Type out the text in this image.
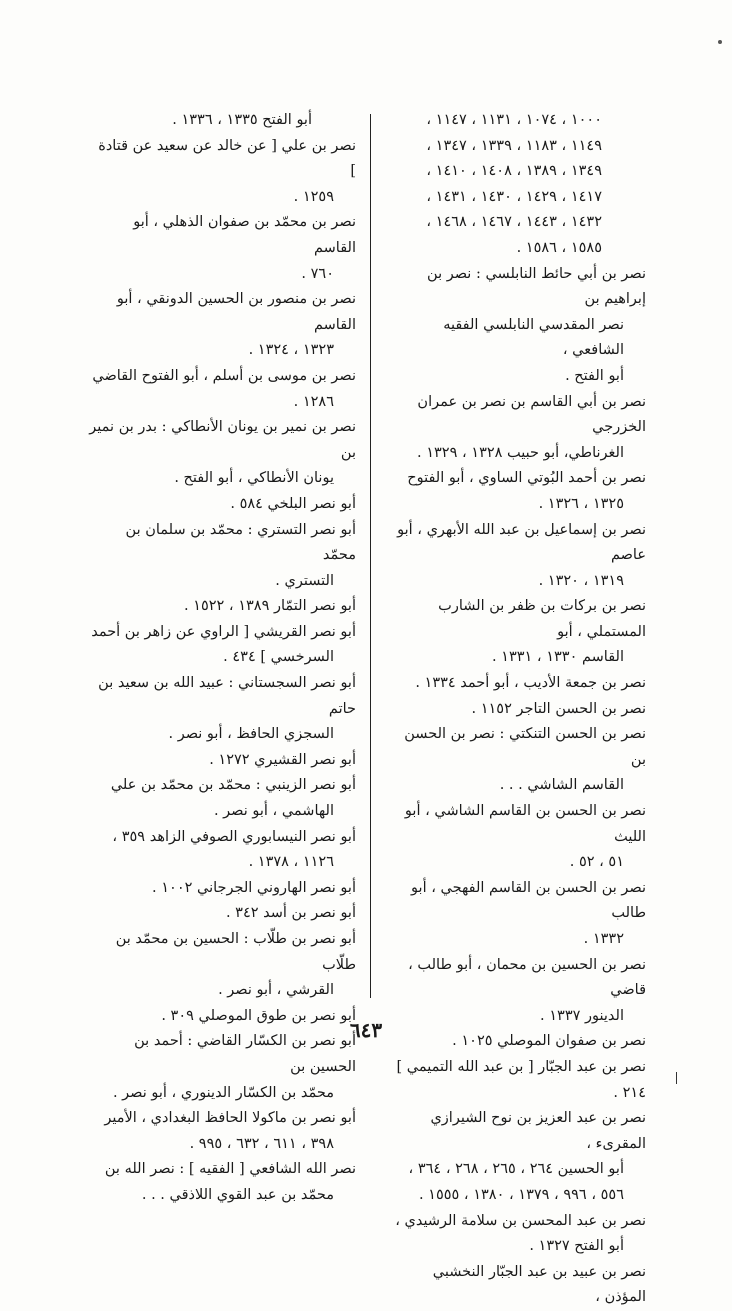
١٠٠٠ ، ١٠٧٤ ، ١١٣١ ، ١١٤٧ ،
١١٤٩ ، ١١٨٣ ، ١٣٣٩ ، ١٣٤٧ ،
١٣٤٩ ، ١٣٨٩ ، ١٤٠٨ ، ١٤١٠ ،
١٤١٧ ، ١٤٢٩ ، ١٤٣٠ ، ١٤٣١ ،
١٤٣٢ ، ١٤٤٣ ، ١٤٦٧ ، ١٤٦٨ ،
١٥٨٥ ، ١٥٨٦ .
نصر بن أبي حائط النابلسي : نصر بن إبراهيم بن
نصر المقدسي النابلسي الفقيه الشافعي ،
أبو الفتح .
نصر بن أبي القاسم بن نصر بن عمران الخزرجي
الغرناطي، أبو حبيب ١٣٢٨ ، ١٣٢٩ .
نصر بن أحمد البُوتي الساوي ، أبو الفتوح
١٣٢٥ ، ١٣٢٦ .
نصر بن إسماعيل بن عبد الله الأبهري ، أبو عاصم
١٣١٩ ، ١٣٢٠ .
نصر بن بركات بن ظفر بن الشارب المستملي ، أبو
القاسم ١٣٣٠ ، ١٣٣١ .
نصر بن جمعة الأديب ، أبو أحمد ١٣٣٤ .
نصر بن الحسن التاجر ١١٥٢ .
نصر بن الحسن التنكتي : نصر بن الحسن بن
القاسم الشاشي . . .
نصر بن الحسن بن القاسم الشاشي ، أبو الليث
٥١ ، ٥٢ .
نصر بن الحسن بن القاسم الفهجي ، أبو طالب
١٣٣٢ .
نصر بن الحسين بن محمان ، أبو طالب ، قاضي
الدينور ١٣٣٧ .
نصر بن صفوان الموصلي ١٠٢٥ .
نصر بن عبد الجبّار [ بن عبد الله التميمي ] ٢١٤ .
نصر بن عبد العزيز بن نوح الشيرازي المقرىء ،
أبو الحسين ٢٦٤ ، ٢٦٥ ، ٢٦٨ ، ٣٦٤ ،
٥٥٦ ، ٩٩٦ ، ١٣٧٩ ، ١٣٨٠ ، ١٥٥٥ .
نصر بن عبد المحسن بن سلامة الرشيدي ،
أبو الفتح ١٣٢٧ .
نصر بن عبيد بن عبد الجبّار النخشبي المؤذن ،
أبو الفتح ١٣٣٥ ، ١٣٣٦ .
نصر بن علي [ عن خالد عن سعيد عن قتادة ]
١٢٥٩ .
نصر بن محمّد بن صفوان الذهلي ، أبو القاسم
٧٦٠ .
نصر بن منصور بن الحسين الدونقي ، أبو القاسم
١٣٢٣ ، ١٣٢٤ .
نصر بن موسى بن أسلم ، أبو الفتوح القاضي
١٢٨٦ .
نصر بن نمير بن يونان الأنطاكي : بدر بن نمير بن
يونان الأنطاكي ، أبو الفتح .
أبو نصر البلخي ٥٨٤ .
أبو نصر التستري : محمّد بن سلمان بن محمّد
التستري .
أبو نصر التمّار ١٣٨٩ ، ١٥٢٢ .
أبو نصر القريشي [ الراوي عن زاهر بن أحمد
السرخسي ] ٤٣٤ .
أبو نصر السجستاني : عبيد الله بن سعيد بن حاتم
السجزي الحافظ ، أبو نصر .
أبو نصر القشيري ١٢٧٢ .
أبو نصر الزينبي : محمّد بن محمّد بن علي
الهاشمي ، أبو نصر .
أبو نصر النيسابوري الصوفي الزاهد ٣٥٩ ،
١١٢٦ ، ١٣٧٨ .
أبو نصر الهاروني الجرجاني ١٠٠٢ .
أبو نصر بن أسد ٣٤٢ .
أبو نصر بن طلّاب : الحسين بن محمّد بن طلّاب
القرشي ، أبو نصر .
أبو نصر بن طوق الموصلي ٣٠٩ .
أبو نصر بن الكسّار القاضي : أحمد بن الحسين بن
محمّد بن الكسّار الدينوري ، أبو نصر .
أبو نصر بن ماكولا الحافظ البغدادي ، الأمير
٣٩٨ ، ٦١١ ، ٦٣٢ ، ٩٩٥ .
نصر الله الشافعي [ الفقيه ] : نصر الله بن
محمّد بن عبد القوي اللاذقي . . .
٦٤٣
